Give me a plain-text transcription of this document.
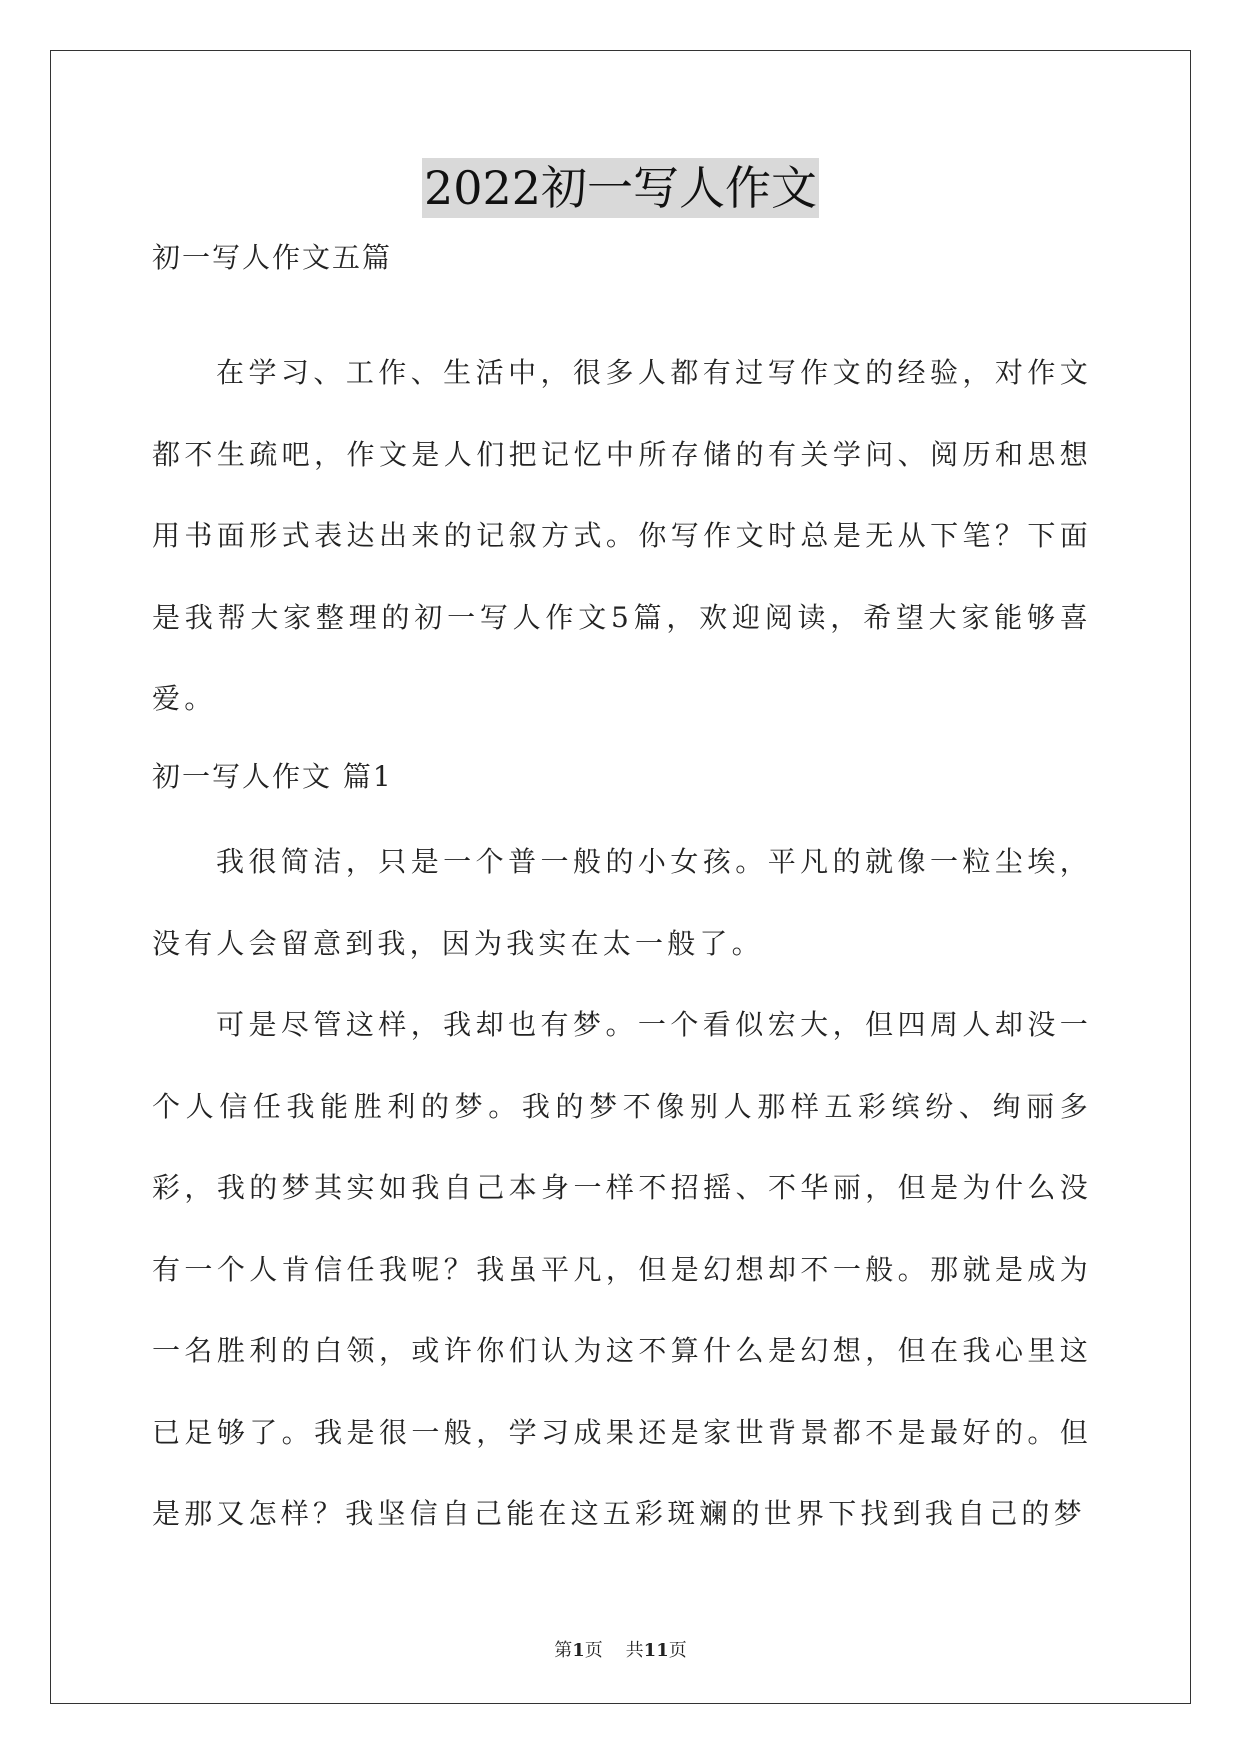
2022初一写人作文
初一写人作文五篇

在学习、工作、生活中，很多人都有过写作文的经验，对作文都不生疏吧，作文是人们把记忆中所存储的有关学问、阅历和思想用书面形式表达出来的记叙方式。你写作文时总是无从下笔？下面是我帮大家整理的初一写人作文5篇，欢迎阅读，希望大家能够喜爱。

初一写人作文 篇1

我很简洁，只是一个普一般的小女孩。平凡的就像一粒尘埃，没有人会留意到我，因为我实在太一般了。

可是尽管这样，我却也有梦。一个看似宏大，但四周人却没一个人信任我能胜利的梦。我的梦不像别人那样五彩缤纷、绚丽多彩，我的梦其实如我自己本身一样不招摇、不华丽，但是为什么没有一个人肯信任我呢？我虽平凡，但是幻想却不一般。那就是成为一名胜利的白领，或许你们认为这不算什么是幻想，但在我心里这已足够了。我是很一般，学习成果还是家世背景都不是最好的。但是那又怎样？我坚信自己能在这五彩斑斓的世界下找到我自己的梦

第1页 共11页
